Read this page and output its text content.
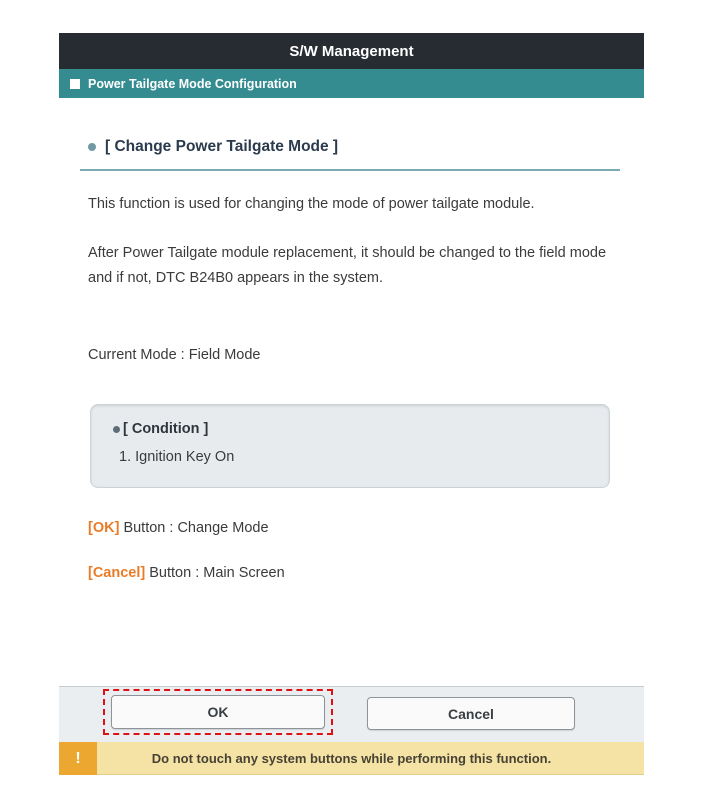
S/W Management
Power Tailgate Mode Configuration
[ Change Power Tailgate Mode ]
This function is used for changing the mode of power tailgate module.
After Power Tailgate module replacement, it should be changed to the field mode and if not, DTC B24B0 appears in the system.
Current Mode : Field Mode
[ Condition ]
1. Ignition Key On
[OK] Button : Change Mode
[Cancel] Button : Main Screen
OK	Cancel
Do not touch any system buttons while performing this function.
!
